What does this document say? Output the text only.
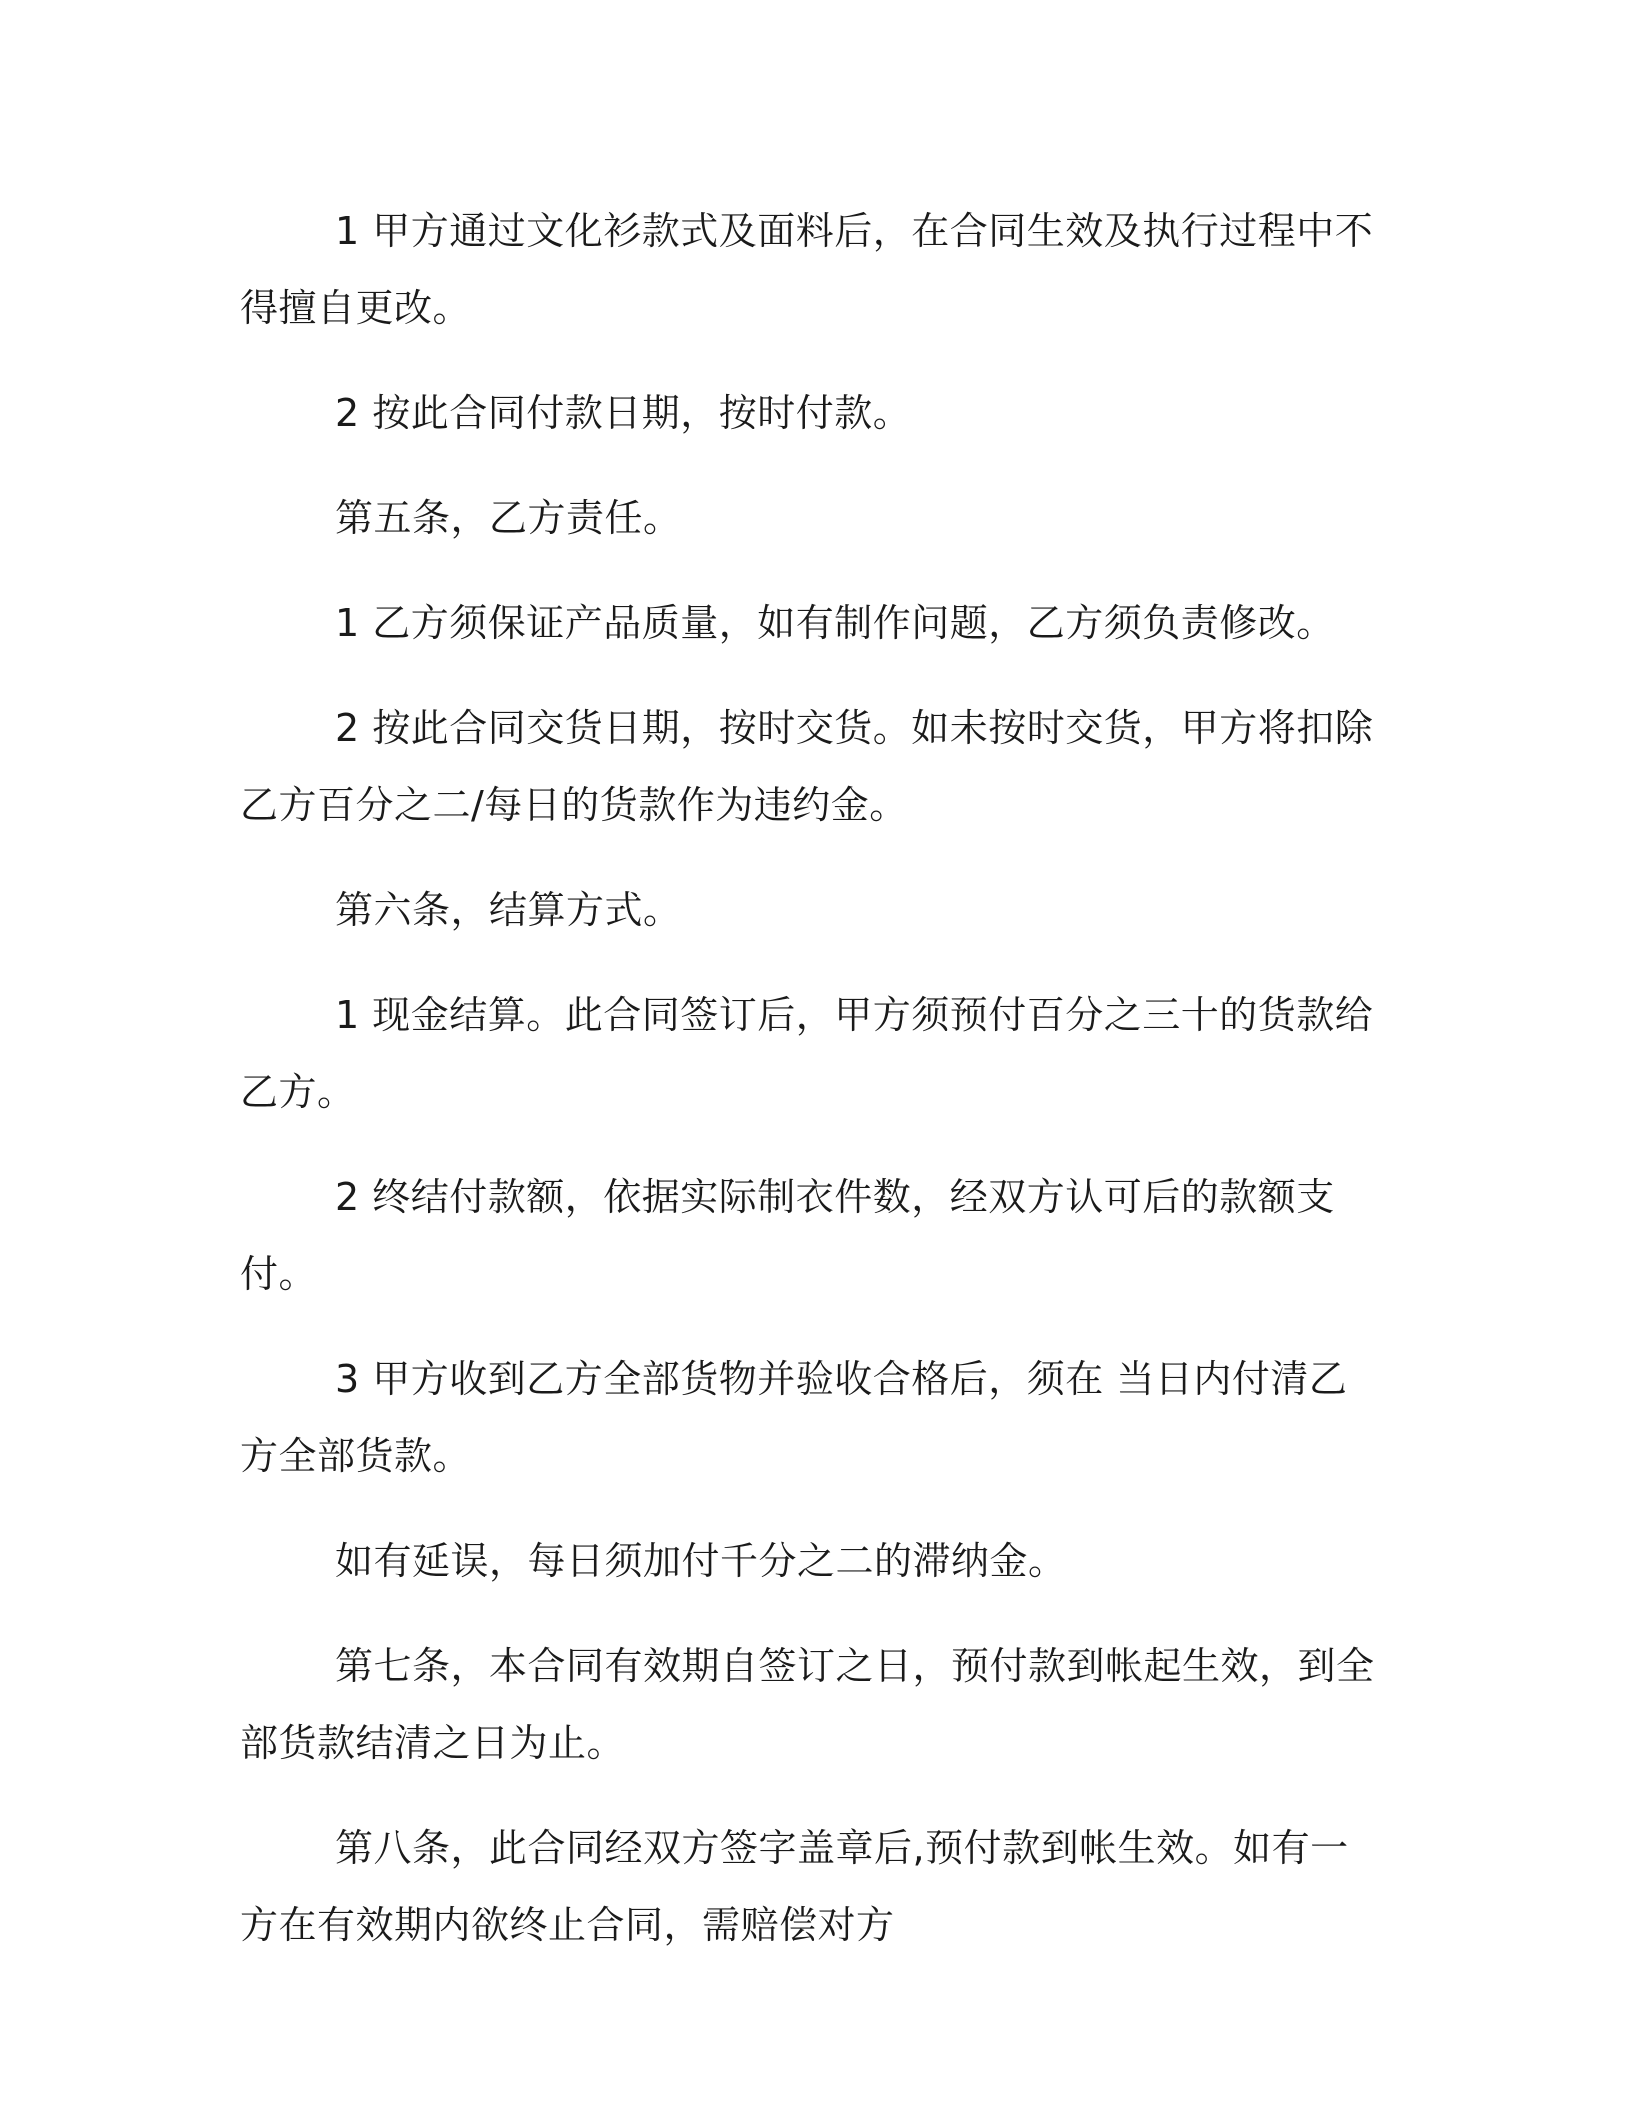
1 甲方通过文化衫款式及面料后，在合同生效及执行过程中不得擅自更改。

2 按此合同付款日期，按时付款。

第五条，乙方责任。

1 乙方须保证产品质量，如有制作问题，乙方须负责修改。

2 按此合同交货日期，按时交货。如未按时交货，甲方将扣除乙方百分之二/每日的货款作为违约金。

第六条，结算方式。

1 现金结算。此合同签订后，甲方须预付百分之三十的货款给乙方。

2 终结付款额，依据实际制衣件数，经双方认可后的款额支付。

3 甲方收到乙方全部货物并验收合格后，须在 当日内付清乙方全部货款。

如有延误，每日须加付千分之二的滞纳金。

第七条，本合同有效期自签订之日，预付款到帐起生效，到全部货款结清之日为止。

第八条，此合同经双方签字盖章后,预付款到帐生效。如有一方在有效期内欲终止合同，需赔偿对方
